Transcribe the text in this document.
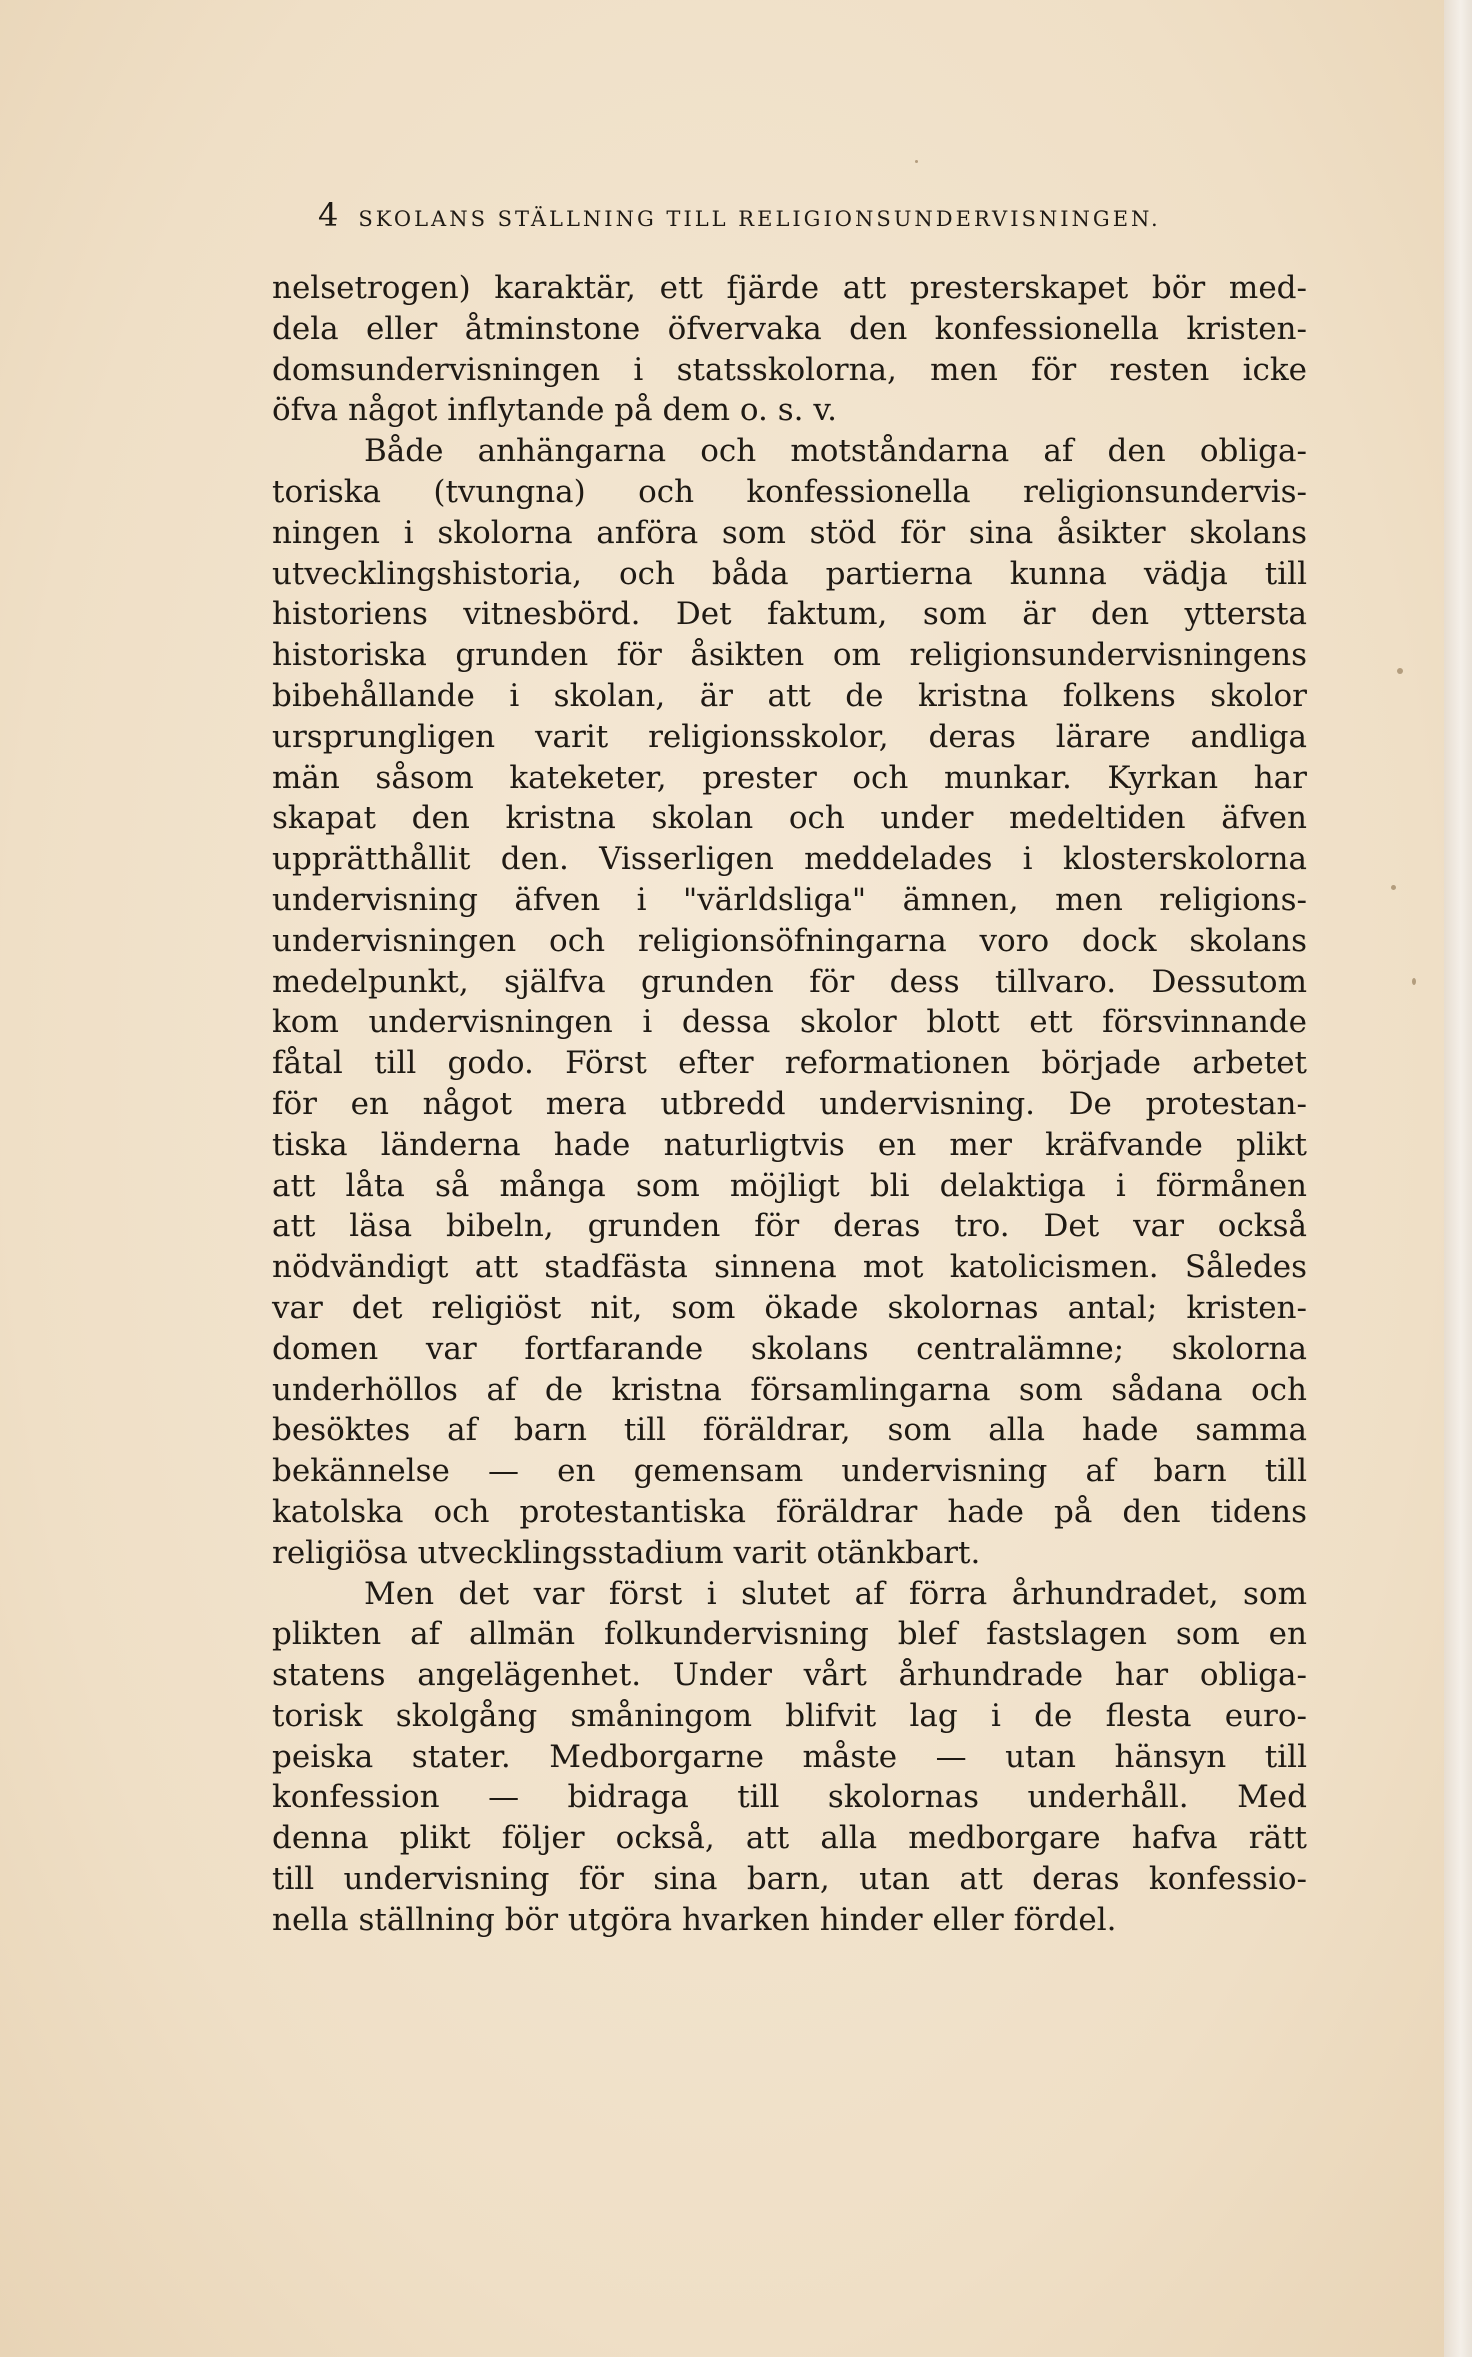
4 SKOLANS STÄLLNING TILL RELIGIONSUNDERVISNINGEN.
nelsetrogen) karaktär, ett fjärde att presterskapet bör med-
dela eller åtminstone öfvervaka den konfessionella kristen-
domsundervisningen i statsskolorna, men för resten icke
öfva något inflytande på dem o. s. v.
Både anhängarna och motståndarna af den obliga-
toriska (tvungna) och konfessionella religionsundervis-
ningen i skolorna anföra som stöd för sina åsikter skolans
utvecklingshistoria, och båda partierna kunna vädja till
historiens vitnesbörd. Det faktum, som är den yttersta
historiska grunden för åsikten om religionsundervisningens
bibehållande i skolan, är att de kristna folkens skolor
ursprungligen varit religionsskolor, deras lärare andliga
män såsom kateketer, prester och munkar. Kyrkan har
skapat den kristna skolan och under medeltiden äfven
upprätthållit den. Visserligen meddelades i klosterskolorna
undervisning äfven i "världsliga" ämnen, men religions-
undervisningen och religionsöfningarna voro dock skolans
medelpunkt, själfva grunden för dess tillvaro. Dessutom
kom undervisningen i dessa skolor blott ett försvinnande
fåtal till godo. Först efter reformationen började arbetet
för en något mera utbredd undervisning. De protestan-
tiska länderna hade naturligtvis en mer kräfvande plikt
att låta så många som möjligt bli delaktiga i förmånen
att läsa bibeln, grunden för deras tro. Det var också
nödvändigt att stadfästa sinnena mot katolicismen. Således
var det religiöst nit, som ökade skolornas antal; kristen-
domen var fortfarande skolans centralämne; skolorna
underhöllos af de kristna församlingarna som sådana och
besöktes af barn till föräldrar, som alla hade samma
bekännelse — en gemensam undervisning af barn till
katolska och protestantiska föräldrar hade på den tidens
religiösa utvecklingsstadium varit otänkbart.
Men det var först i slutet af förra århundradet, som
plikten af allmän folkundervisning blef fastslagen som en
statens angelägenhet. Under vårt århundrade har obliga-
torisk skolgång småningom blifvit lag i de flesta euro-
peiska stater. Medborgarne måste — utan hänsyn till
konfession — bidraga till skolornas underhåll. Med
denna plikt följer också, att alla medborgare hafva rätt
till undervisning för sina barn, utan att deras konfessio-
nella ställning bör utgöra hvarken hinder eller fördel.
